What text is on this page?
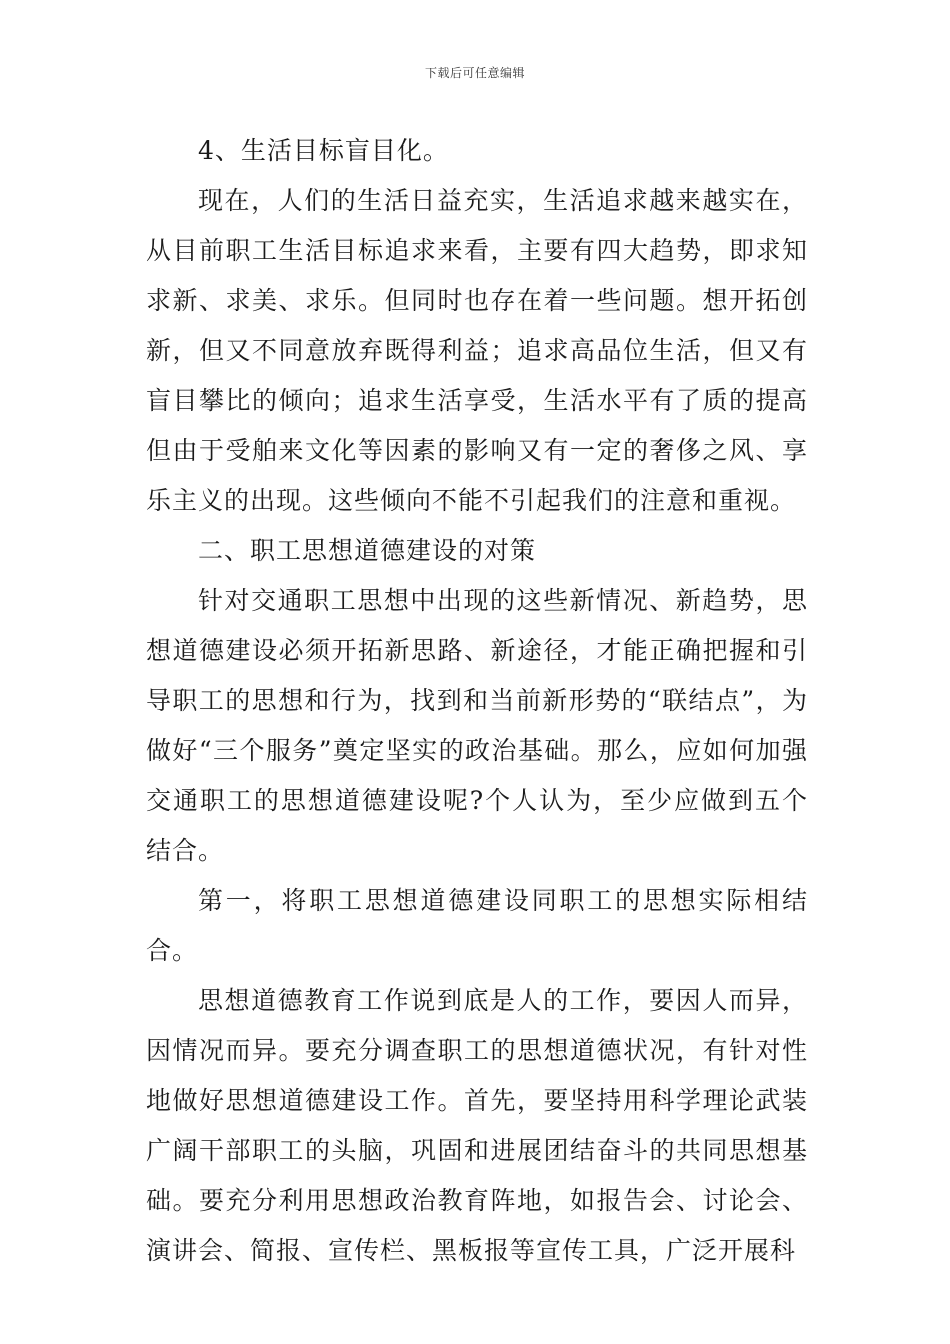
下载后可任意编辑

4、生活目标盲目化。

现在，人们的生活日益充实，生活追求越来越实在，从目前职工生活目标追求来看，主要有四大趋势，即求知求新、求美、求乐。但同时也存在着一些问题。想开拓创新，但又不同意放弃既得利益；追求高品位生活，但又有盲目攀比的倾向；追求生活享受，生活水平有了质的提高但由于受舶来文化等因素的影响又有一定的奢侈之风、享乐主义的出现。这些倾向不能不引起我们的注意和重视。

二、职工思想道德建设的对策

针对交通职工思想中出现的这些新情况、新趋势，思想道德建设必须开拓新思路、新途径，才能正确把握和引导职工的思想和行为，找到和当前新形势的“联结点”，为做好“三个服务”奠定坚实的政治基础。那么，应如何加强交通职工的思想道德建设呢?个人认为，至少应做到五个结合。

第一，将职工思想道德建设同职工的思想实际相结合。

思想道德教育工作说到底是人的工作，要因人而异，因情况而异。要充分调查职工的思想道德状况，有针对性地做好思想道德建设工作。首先，要坚持用科学理论武装广阔干部职工的头脑，巩固和进展团结奋斗的共同思想基础。要充分利用思想政治教育阵地，如报告会、讨论会、演讲会、简报、宣传栏、黑板报等宣传工具，广泛开展科
